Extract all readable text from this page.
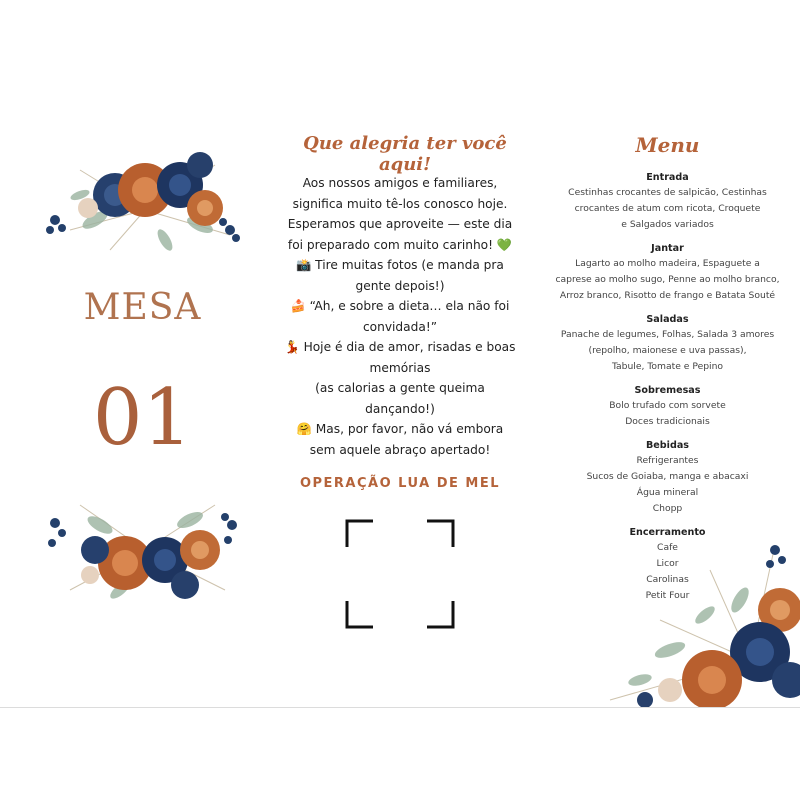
MESA
01
Que alegria ter você aqui!
Aos nossos amigos e familiares,
significa muito tê-los conosco hoje.
Esperamos que aproveite — este dia
foi preparado com muito carinho! 💚
📸 Tire muitas fotos (e manda pra
gente depois!)
🍰 “Ah, e sobre a dieta… ela não foi
convidada!”
💃 Hoje é dia de amor, risadas e boas
memórias
(as calorias a gente queima
dançando!)
🤗 Mas, por favor, não vá embora
sem aquele abraço apertado!
OPERAÇÃO LUA DE MEL
Menu
Entrada
Cestinhas crocantes de salpicão, Cestinhas
crocantes de atum com ricota, Croquete
e Salgados variados
Jantar
Lagarto ao molho madeira, Espaguete a
caprese ao molho sugo, Penne ao molho branco,
Arroz branco, Risotto de frango e Batata Souté
Saladas
Panache de legumes, Folhas, Salada 3 amores
(repolho, maionese e uva passas),
Tabule, Tomate e Pepino
Sobremesas
Bolo trufado com sorvete
Doces tradicionais
Bebidas
Refrigerantes
Sucos de Goiaba, manga e abacaxi
Água mineral
Chopp
Encerramento
Cafe
Licor
Carolinas
Petit Four
